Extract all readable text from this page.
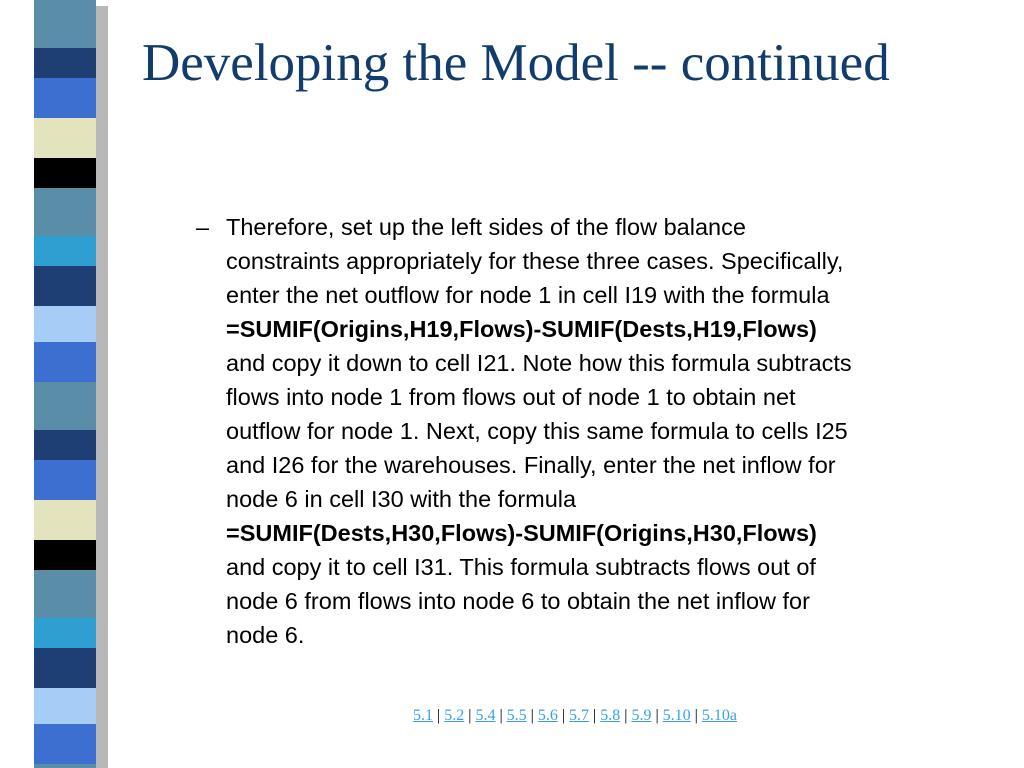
Developing the Model -- continued
– Therefore, set up the left sides of the flow balance
constraints appropriately for these three cases. Specifically,
enter the net outflow for node 1 in cell I19 with the formula
=SUMIF(Origins,H19,Flows)-SUMIF(Dests,H19,Flows)
and copy it down to cell I21. Note how this formula subtracts
flows into node 1 from flows out of node 1 to obtain net
outflow for node 1. Next, copy this same formula to cells I25
and I26 for the warehouses. Finally, enter the net inflow for
node 6 in cell I30 with the formula
=SUMIF(Dests,H30,Flows)-SUMIF(Origins,H30,Flows)
and copy it to cell I31. This formula subtracts flows out of
node 6 from flows into node 6 to obtain the net inflow for
node 6.
5.1 | 5.2 | 5.4 | 5.5 | 5.6 | 5.7 | 5.8 | 5.9 | 5.10 | 5.10a
